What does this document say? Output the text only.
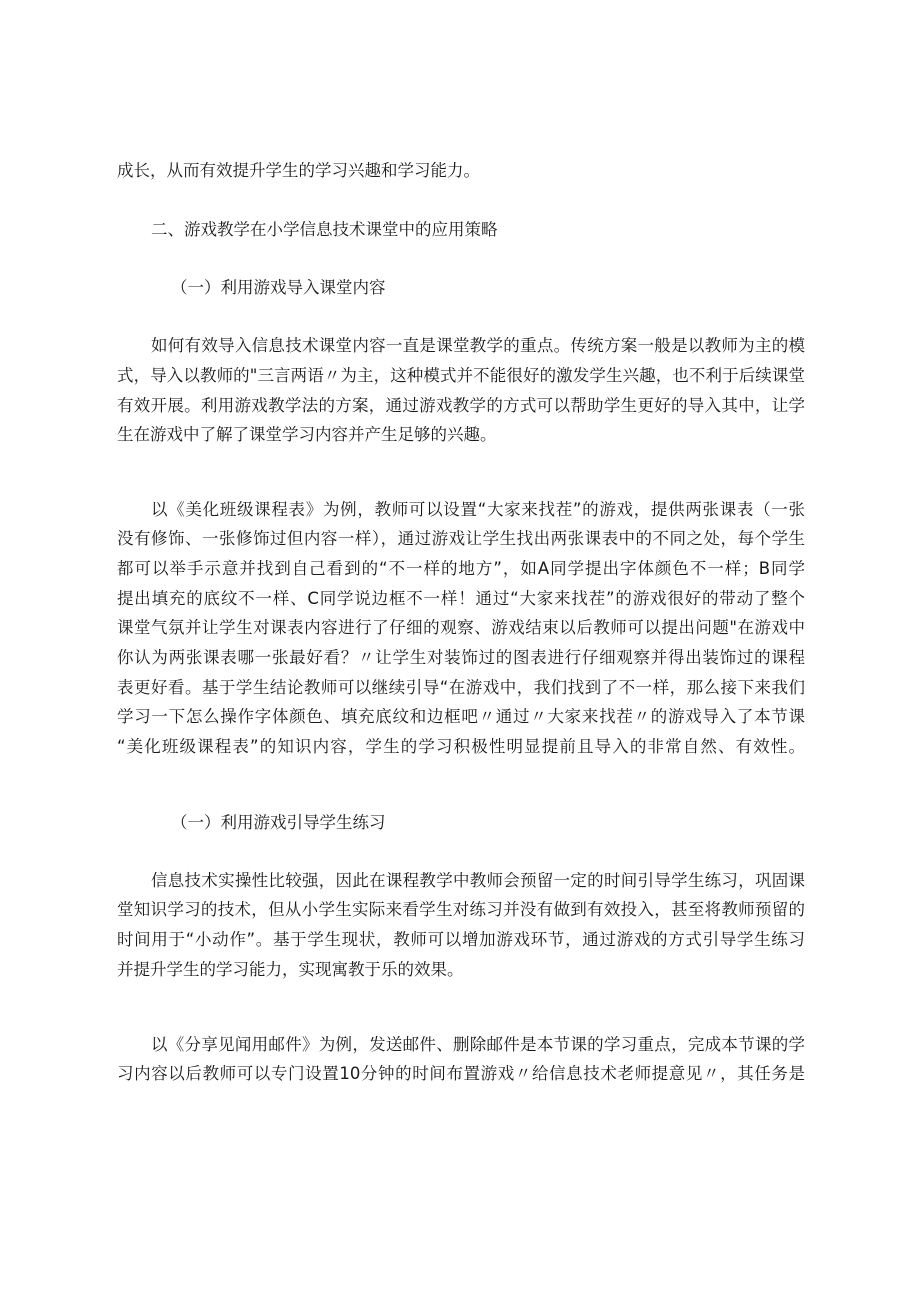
成长，从而有效提升学生的学习兴趣和学习能力。
二、游戏教学在小学信息技术课堂中的应用策略
（一）利用游戏导入课堂内容
如何有效导入信息技术课堂内容一直是课堂教学的重点。传统方案一般是以教师为主的模
式，导入以教师的"三言两语〃为主，这种模式并不能很好的激发学生兴趣，也不利于后续课堂
有效开展。利用游戏教学法的方案，通过游戏教学的方式可以帮助学生更好的导入其中，让学
生在游戏中了解了课堂学习内容并产生足够的兴趣。
以《美化班级课程表》为例，教师可以设置“大家来找茬”的游戏，提供两张课表（一张
没有修饰、一张修饰过但内容一样），通过游戏让学生找出两张课表中的不同之处，每个学生
都可以举手示意并找到自己看到的“不一样的地方”，如A同学提出字体颜色不一样；B同学
提出填充的底纹不一样、C同学说边框不一样！通过“大家来找茬”的游戏很好的带动了整个
课堂气氛并让学生对课表内容进行了仔细的观察、游戏结束以后教师可以提出问题"在游戏中
你认为两张课表哪一张最好看？〃让学生对装饰过的图表进行仔细观察并得出装饰过的课程
表更好看。基于学生结论教师可以继续引导“在游戏中，我们找到了不一样，那么接下来我们
学习一下怎么操作字体颜色、填充底纹和边框吧〃通过〃大家来找茬〃的游戏导入了本节课
“美化班级课程表”的知识内容，学生的学习积极性明显提前且导入的非常自然、有效性。
（一）利用游戏引导学生练习
信息技术实操性比较强，因此在课程教学中教师会预留一定的时间引导学生练习，巩固课
堂知识学习的技术，但从小学生实际来看学生对练习并没有做到有效投入，甚至将教师预留的
时间用于“小动作”。基于学生现状，教师可以增加游戏环节，通过游戏的方式引导学生练习
并提升学生的学习能力，实现寓教于乐的效果。
以《分享见闻用邮件》为例，发送邮件、删除邮件是本节课的学习重点，完成本节课的学
习内容以后教师可以专门设置10分钟的时间布置游戏〃给信息技术老师提意见〃，其任务是
